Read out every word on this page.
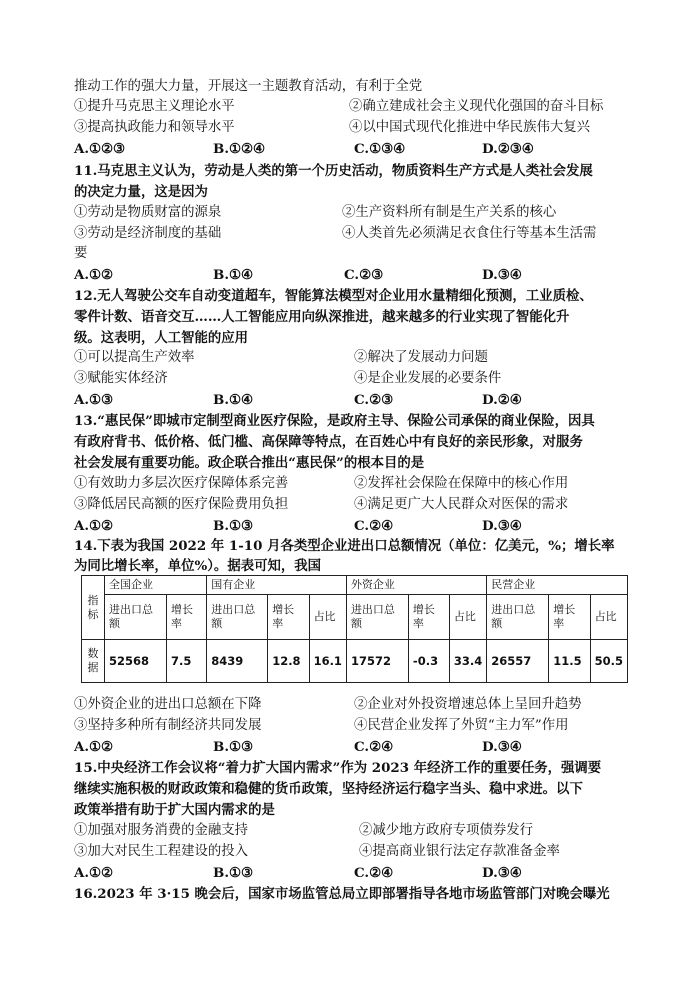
推动工作的强大力量，开展这一主题教育活动，有利于全党
①提升马克思主义理论水平	②确立建成社会主义现代化强国的奋斗目标
③提高执政能力和领导水平	④以中国式现代化推进中华民族伟大复兴
A.①②③	B.①②④	C.①③④	D.②③④
11.马克思主义认为，劳动是人类的第一个历史活动，物质资料生产方式是人类社会发展
的决定力量，这是因为
①劳动是物质财富的源泉	②生产资料所有制是生产关系的核心
③劳动是经济制度的基础	④人类首先必须满足衣食住行等基本生活需
要
A.①②	B.①④	C.②③	D.③④
12.无人驾驶公交车自动变道超车，智能算法模型对企业用水量精细化预测，工业质检、
零件计数、语音交互……人工智能应用向纵深推进，越来越多的行业实现了智能化升
级。这表明，人工智能的应用
①可以提高生产效率	②解决了发展动力问题
③赋能实体经济	④是企业发展的必要条件
A.①③	B.①④	C.②③	D.②④
13.“惠民保”即城市定制型商业医疗保险，是政府主导、保险公司承保的商业保险，因具
有政府背书、低价格、低门槛、高保障等特点，在百姓心中有良好的亲民形象，对服务
社会发展有重要功能。政企联合推出“惠民保”的根本目的是
①有效助力多层次医疗保障体系完善	②发挥社会保险在保障中的核心作用
③降低居民高额的医疗保险费用负担	④满足更广大人民群众对医保的需求
A.①②	B.①③	C.②④	D.③④
14.下表为我国 2022 年 1-10 月各类型企业进出口总额情况（单位：亿美元，%；增长率
为同比增长率，单位%）。据表可知，我国
指标	全国企业		国有企业			外资企业			民营企业		
	进出口总额	增长率	进出口总额	增长率	占比	进出口总额	增长率	占比	进出口总额	增长率	占比
数据	52568	7.5	8439	12.8	16.1	17572	-0.3	33.4	26557	11.5	50.5
①外资企业的进出口总额在下降	②企业对外投资增速总体上呈回升趋势
③坚持多种所有制经济共同发展	④民营企业发挥了外贸“主力军”作用
A.①②	B.①③	C.②④	D.③④
15.中央经济工作会议将“着力扩大国内需求”作为 2023 年经济工作的重要任务，强调要
继续实施积极的财政政策和稳健的货币政策，坚持经济运行稳字当头、稳中求进。以下
政策举措有助于扩大国内需求的是
①加强对服务消费的金融支持	②减少地方政府专项债券发行
③加大对民生工程建设的投入	④提高商业银行法定存款准备金率
A.①②	B.①③	C.②④	D.③④
16.2023 年 3·15 晚会后，国家市场监管总局立即部署指导各地市场监管部门对晚会曝光
